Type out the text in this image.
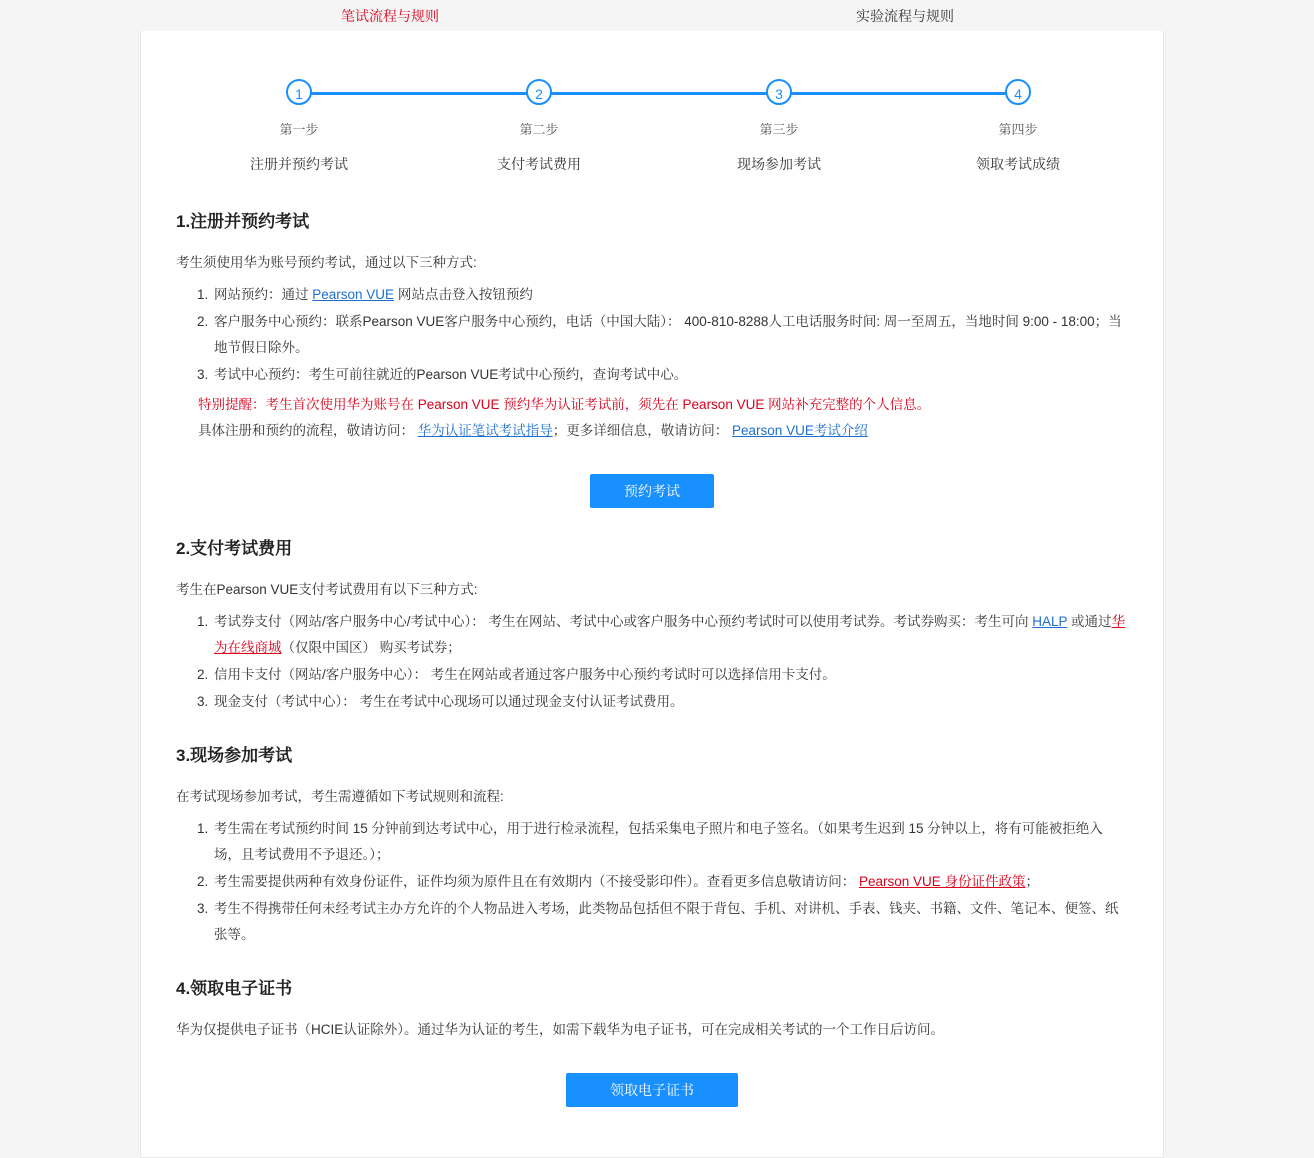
笔试流程与规则	实验流程与规则
1
第一步
注册并预约考试
2
第二步
支付考试费用
3
第三步
现场参加考试
4
第四步
领取考试成绩
1.注册并预约考试

考生须使用华为账号预约考试，通过以下三种方式:

1. 网站预约：通过 Pearson VUE 网站点击登入按钮预约
2. 客户服务中心预约：联系Pearson VUE客户服务中心预约，电话（中国大陆）： 400-810-8288人工电话服务时间: 周一至周五，当地时间 9:00 - 18:00；当地节假日除外。
3. 考试中心预约：考生可前往就近的Pearson VUE考试中心预约，查询考试中心。
特别提醒：考生首次使用华为账号在 Pearson VUE 预约华为认证考试前，须先在 Pearson VUE 网站补充完整的个人信息。
具体注册和预约的流程，敬请访问： 华为认证笔试考试指导；更多详细信息，敬请访问： Pearson VUE考试介绍
预约考试
2.支付考试费用

考生在Pearson VUE支付考试费用有以下三种方式:

1. 考试券支付（网站/客户服务中心/考试中心）： 考生在网站、考试中心或客户服务中心预约考试时可以使用考试券。考试券购买：考生可向 HALP 或通过华为在线商城（仅限中国区） 购买考试券；
2. 信用卡支付（网站/客户服务中心）： 考生在网站或者通过客户服务中心预约考试时可以选择信用卡支付。
3. 现金支付（考试中心）： 考生在考试中心现场可以通过现金支付认证考试费用。
3.现场参加考试

在考试现场参加考试，考生需遵循如下考试规则和流程:

1. 考生需在考试预约时间 15 分钟前到达考试中心，用于进行检录流程，包括采集电子照片和电子签名。（如果考生迟到 15 分钟以上，将有可能被拒绝入场，且考试费用不予退还。）；
2. 考生需要提供两种有效身份证件，证件均须为原件且在有效期内（不接受影印件）。查看更多信息敬请访问： Pearson VUE 身份证件政策；
3. 考生不得携带任何未经考试主办方允许的个人物品进入考场，此类物品包括但不限于背包、手机、对讲机、手表、钱夹、书籍、文件、笔记本、便签、纸张等。
4.领取电子证书

华为仅提供电子证书（HCIE认证除外）。通过华为认证的考生，如需下载华为电子证书，可在完成相关考试的一个工作日后访问。

领取电子证书
